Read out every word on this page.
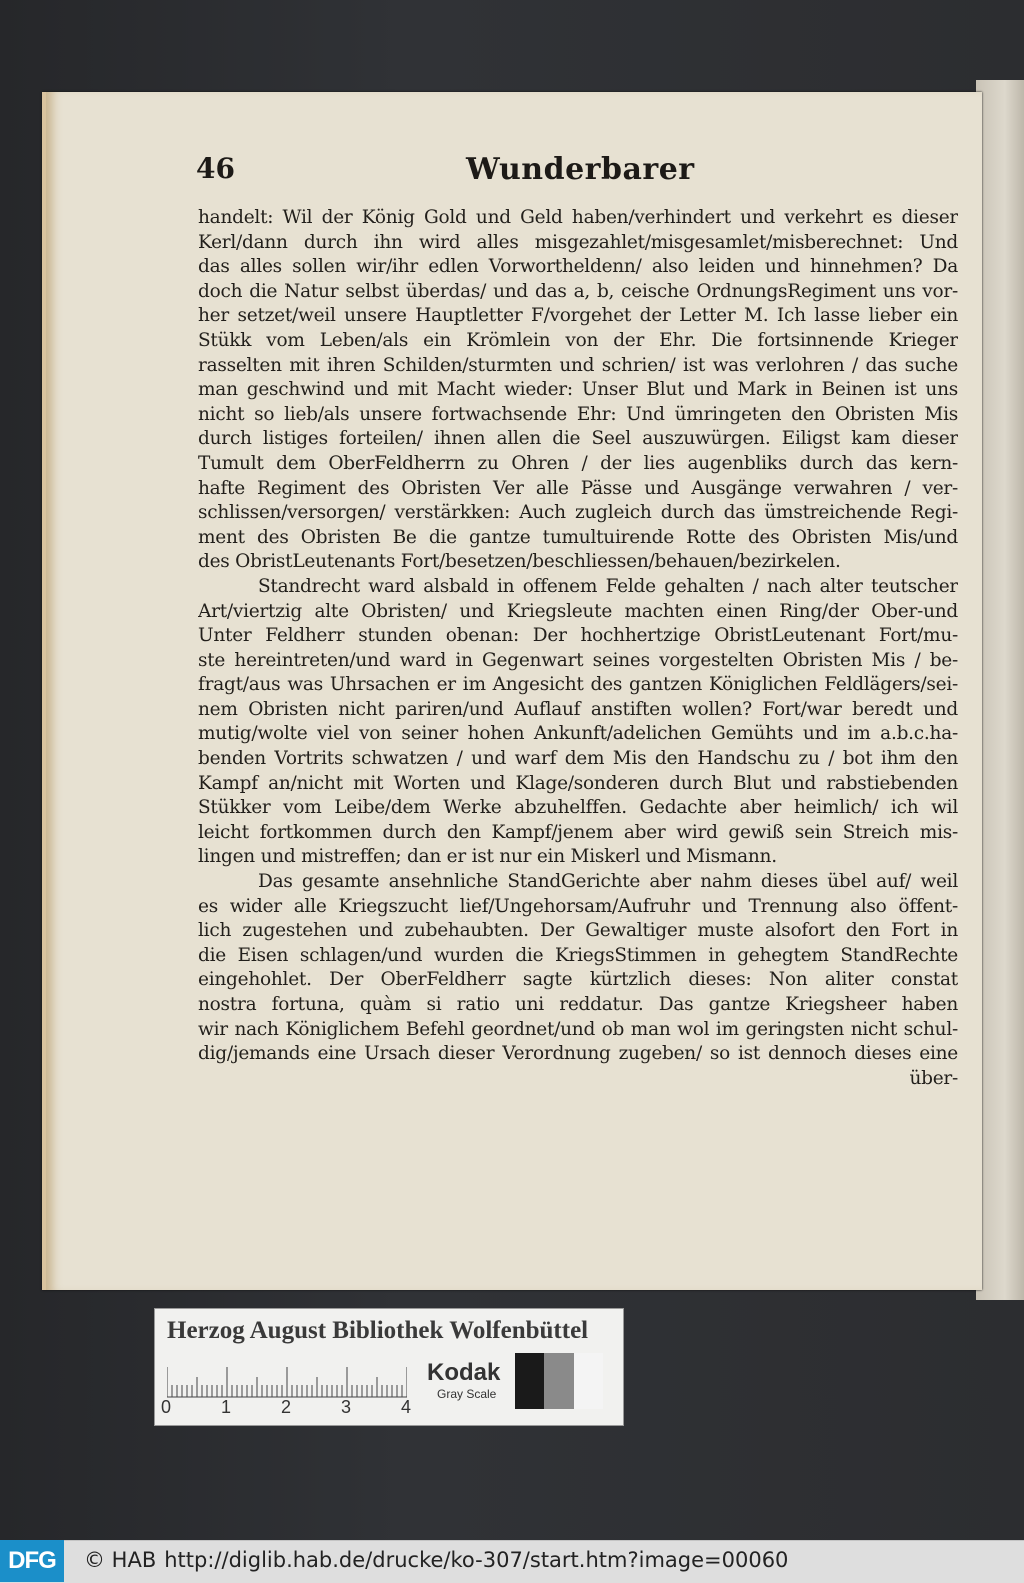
46	Wunderbarer
handelt: Wil der König Gold und Geld haben/verhindert und verkehrt es dieser
Kerl/dann durch ihn wird alles misgezahlet/misgesamlet/misberechnet: Und
das alles sollen wir/ihr edlen Vorwortheldenn/ also leiden und hinnehmen? Da
doch die Natur selbst überdas/ und das a, b, ceische OrdnungsRegiment uns vor-
her setzet/weil unsere Hauptletter F/vorgehet der Letter M. Ich lasse lieber ein
Stükk vom Leben/als ein Krömlein von der Ehr. Die fortsinnende Krieger
rasselten mit ihren Schilden/sturmten und schrien/ ist was verlohren / das suche
man geschwind und mit Macht wieder: Unser Blut und Mark in Beinen ist uns
nicht so lieb/als unsere fortwachsende Ehr: Und ümringeten den Obristen Mis
durch listiges forteilen/ ihnen allen die Seel auszuwürgen. Eiligst kam dieser
Tumult dem OberFeldherrn zu Ohren / der lies augenbliks durch das kern-
hafte Regiment des Obristen Ver alle Pässe und Ausgänge verwahren / ver-
schlissen/versorgen/ verstärkken: Auch zugleich durch das ümstreichende Regi-
ment des Obristen Be die gantze tumultuirende Rotte des Obristen Mis/und
des ObristLeutenants Fort/besetzen/beschliessen/behauen/bezirkelen.
Standrecht ward alsbald in offenem Felde gehalten / nach alter teutscher
Art/viertzig alte Obristen/ und Kriegsleute machten einen Ring/der Ober-und
Unter Feldherr stunden obenan: Der hochhertzige ObristLeutenant Fort/mu-
ste hereintreten/und ward in Gegenwart seines vorgestelten Obristen Mis / be-
fragt/aus was Uhrsachen er im Angesicht des gantzen Königlichen Feldlägers/sei-
nem Obristen nicht pariren/und Auflauf anstiften wollen? Fort/war beredt und
mutig/wolte viel von seiner hohen Ankunft/adelichen Gemühts und im a.b.c.ha-
benden Vortrits schwatzen / und warf dem Mis den Handschu zu / bot ihm den
Kampf an/nicht mit Worten und Klage/sonderen durch Blut und rabstiebenden
Stükker vom Leibe/dem Werke abzuhelffen. Gedachte aber heimlich/ ich wil
leicht fortkommen durch den Kampf/jenem aber wird gewiß sein Streich mis-
lingen und mistreffen; dan er ist nur ein Miskerl und Mismann.
Das gesamte ansehnliche StandGerichte aber nahm dieses übel auf/ weil
es wider alle Kriegszucht lief/Ungehorsam/Aufruhr und Trennung also öffent-
lich zugestehen und zubehaubten. Der Gewaltiger muste alsofort den Fort in
die Eisen schlagen/und wurden die KriegsStimmen in gehegtem StandRechte
eingehohlet. Der OberFeldherr sagte kürtzlich dieses: Non aliter constat
nostra fortuna, quàm si ratio uni reddatur. Das gantze Kriegsheer haben
wir nach Königlichem Befehl geordnet/und ob man wol im geringsten nicht schul-
dig/jemands eine Ursach dieser Verordnung zugeben/ so ist dennoch dieses eine
über-
Herzog August Bibliothek Wolfenbüttel
0	1	2	3	4
Kodak
Gray Scale
DFG	© HAB http://diglib.hab.de/drucke/ko-307/start.htm?image=00060
